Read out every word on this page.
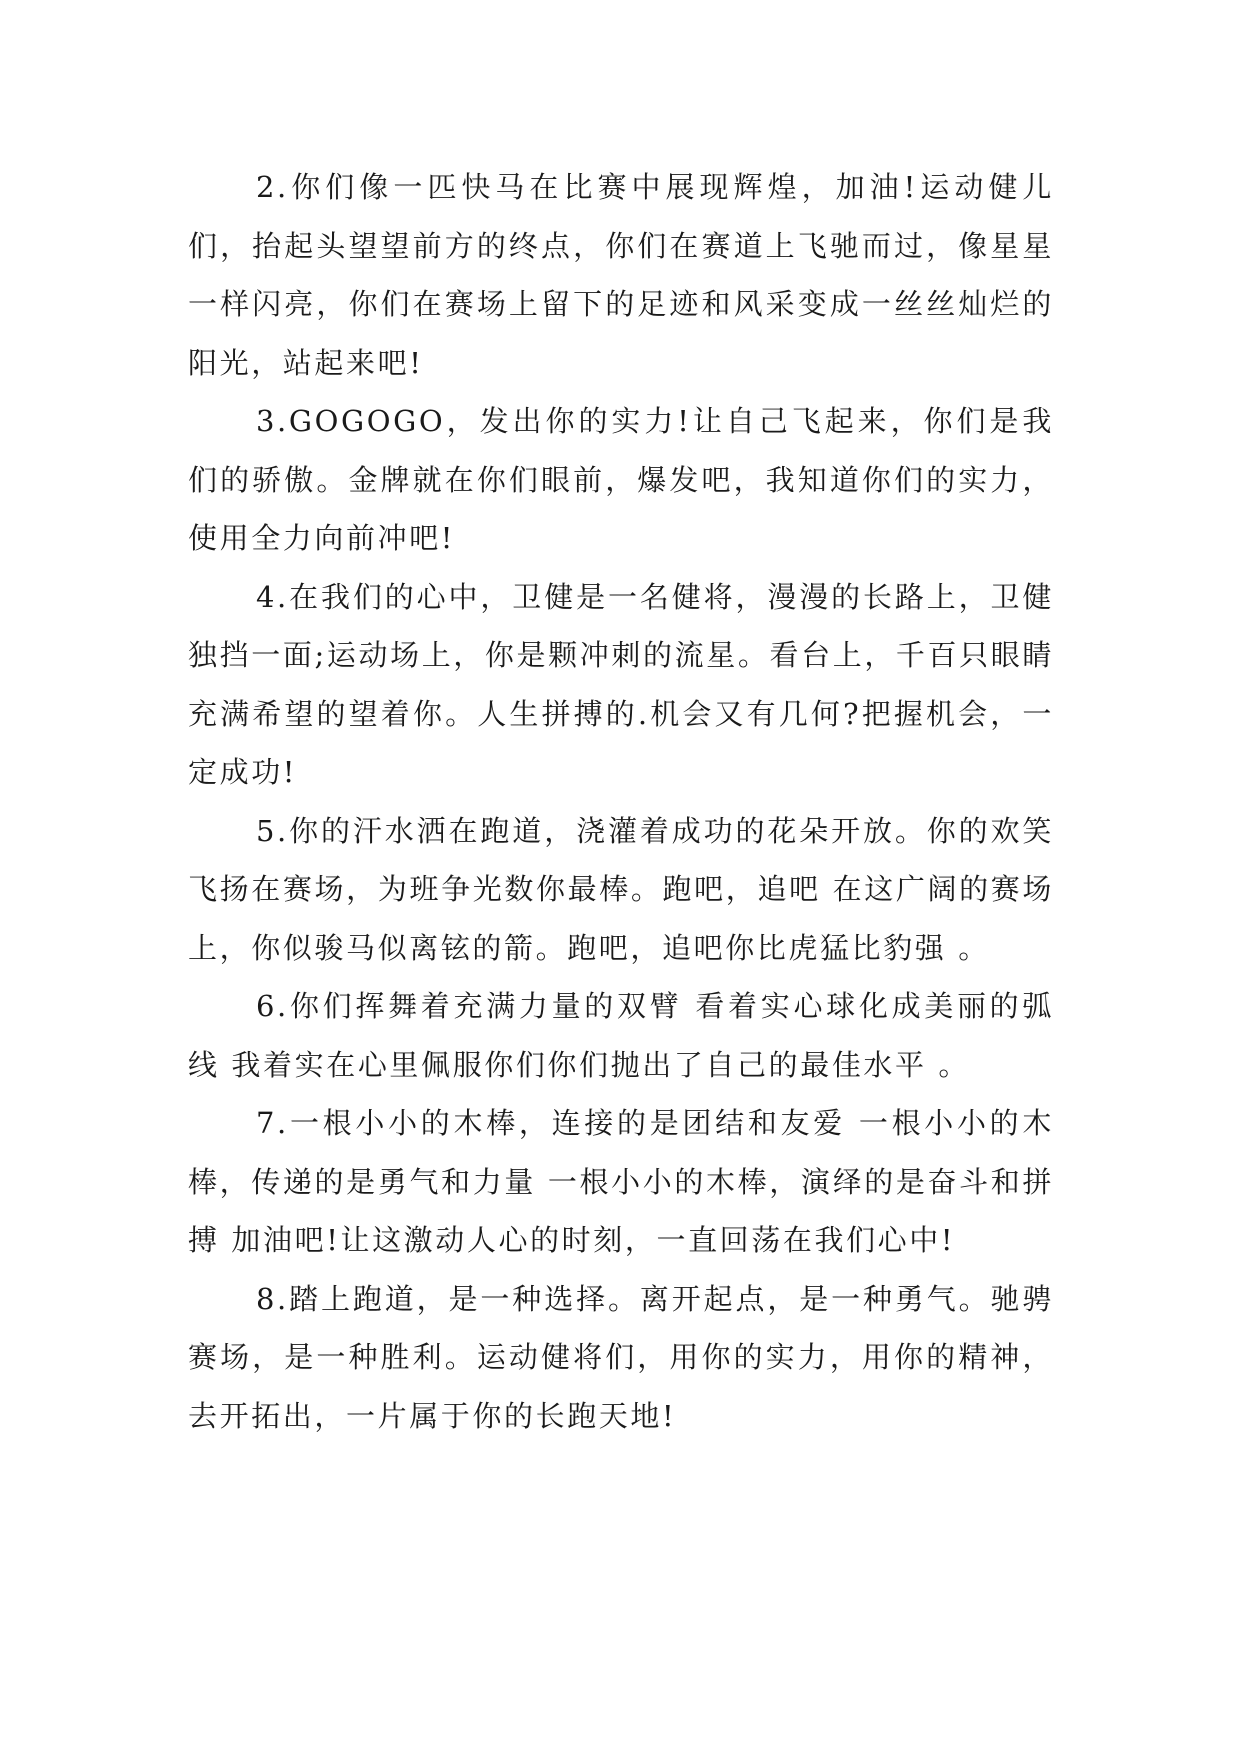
2.你们像一匹快马在比赛中展现辉煌，加油!运动健儿们，抬起头望望前方的终点，你们在赛道上飞驰而过，像星星一样闪亮，你们在赛场上留下的足迹和风采变成一丝丝灿烂的阳光，站起来吧!

3.GOGOGO，发出你的实力!让自己飞起来，你们是我们的骄傲。金牌就在你们眼前，爆发吧，我知道你们的实力，使用全力向前冲吧!

4.在我们的心中，卫健是一名健将，漫漫的长路上，卫健独挡一面;运动场上，你是颗冲刺的流星。看台上，千百只眼睛充满希望的望着你。人生拼搏的.机会又有几何?把握机会，一定成功!

5.你的汗水洒在跑道，浇灌着成功的花朵开放。你的欢笑飞扬在赛场，为班争光数你最棒。跑吧，追吧 在这广阔的赛场上，你似骏马似离铉的箭。跑吧，追吧你比虎猛比豹强 。

6.你们挥舞着充满力量的双臂 看着实心球化成美丽的弧线 我着实在心里佩服你们你们抛出了自己的最佳水平 。

7.一根小小的木棒，连接的是团结和友爱 一根小小的木棒，传递的是勇气和力量 一根小小的木棒，演绎的是奋斗和拼搏 加油吧!让这激动人心的时刻，一直回荡在我们心中!

8.踏上跑道，是一种选择。离开起点，是一种勇气。驰骋赛场，是一种胜利。运动健将们，用你的实力，用你的精神，去开拓出，一片属于你的长跑天地!
